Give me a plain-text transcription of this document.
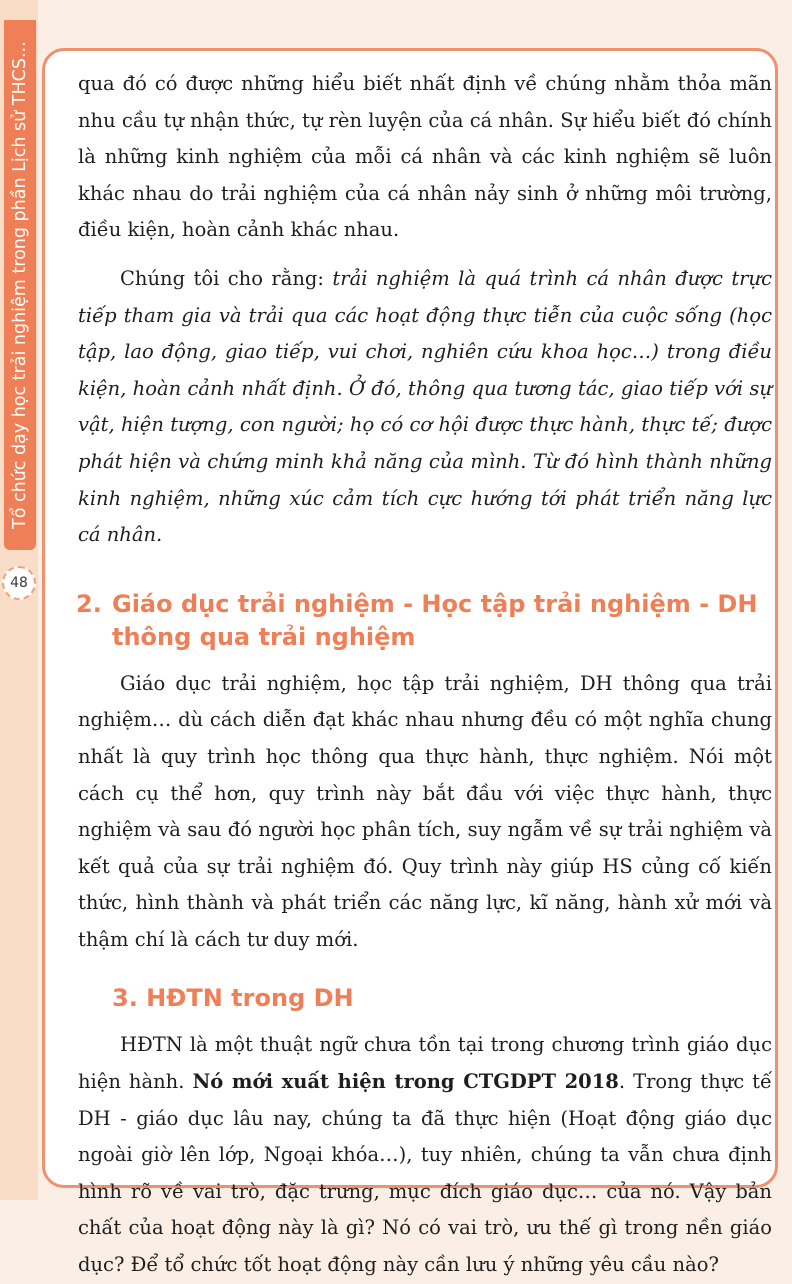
Tổ chức dạy học trải nghiệm trong phần Lịch sử THCS...
48

qua đó có được những hiểu biết nhất định về chúng nhằm thỏa mãn nhu cầu tự nhận thức, tự rèn luyện của cá nhân. Sự hiểu biết đó chính là những kinh nghiệm của mỗi cá nhân và các kinh nghiệm sẽ luôn khác nhau do trải nghiệm của cá nhân nảy sinh ở những môi trường, điều kiện, hoàn cảnh khác nhau.

Chúng tôi cho rằng: trải nghiệm là quá trình cá nhân được trực tiếp tham gia và trải qua các hoạt động thực tiễn của cuộc sống (học tập, lao động, giao tiếp, vui chơi, nghiên cứu khoa học…) trong điều kiện, hoàn cảnh nhất định. Ở đó, thông qua tương tác, giao tiếp với sự vật, hiện tượng, con người; họ có cơ hội được thực hành, thực tế; được phát hiện và chứng minh khả năng của mình. Từ đó hình thành những kinh nghiệm, những xúc cảm tích cực hướng tới phát triển năng lực cá nhân.

2. Giáo dục trải nghiệm - Học tập trải nghiệm - DH thông qua trải nghiệm

Giáo dục trải nghiệm, học tập trải nghiệm, DH thông qua trải nghiệm… dù cách diễn đạt khác nhau nhưng đều có một nghĩa chung nhất là quy trình học thông qua thực hành, thực nghiệm. Nói một cách cụ thể hơn, quy trình này bắt đầu với việc thực hành, thực nghiệm và sau đó người học phân tích, suy ngẫm về sự trải nghiệm và kết quả của sự trải nghiệm đó. Quy trình này giúp HS củng cố kiến thức, hình thành và phát triển các năng lực, kĩ năng, hành xử mới và thậm chí là cách tư duy mới.

3. HĐTN trong DH

HĐTN là một thuật ngữ chưa tồn tại trong chương trình giáo dục hiện hành. Nó mới xuất hiện trong CTGDPT 2018. Trong thực tế DH - giáo dục lâu nay, chúng ta đã thực hiện (Hoạt động giáo dục ngoài giờ lên lớp, Ngoại khóa…), tuy nhiên, chúng ta vẫn chưa định hình rõ về vai trò, đặc trưng, mục đích giáo dục… của nó. Vậy bản chất của hoạt động này là gì? Nó có vai trò, ưu thế gì trong nền giáo dục? Để tổ chức tốt hoạt động này cần lưu ý những yêu cầu nào?
